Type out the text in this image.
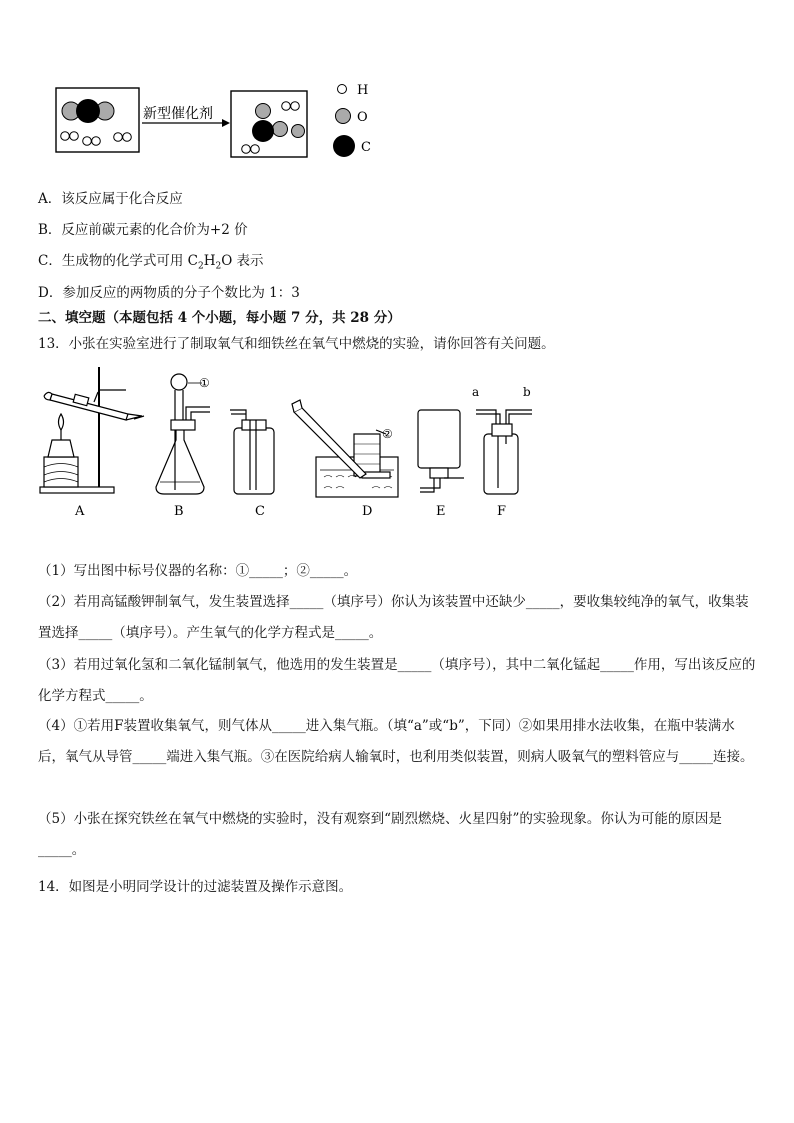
新型催化剂
H
O
C
A．该反应属于化合反应
B．反应前碳元素的化合价为+2 价
C．生成物的化学式可用 $C_2H_2O$ 表示
D．参加反应的两物质的分子个数比为 1：3
二、填空题（本题包括 4 个小题，每小题 7 分，共 28 分）
13．小张在实验室进行了制取氧气和细铁丝在氧气中燃烧的实验，请你回答有关问题。
①
②
a	b
A	B	C	D	E	F
（1）写出图中标号仪器的名称：①_____；②_____。
（2）若用高锰酸钾制氧气，发生装置选择_____（填序号）你认为该装置中还缺少_____，要收集较纯净的氧气，收集装置选择_____（填序号）。产生氧气的化学方程式是_____。
（3）若用过氧化氢和二氧化锰制氧气，他选用的发生装置是_____（填序号），其中二氧化锰起_____作用，写出该反应的化学方程式_____。
（4）①若用F装置收集氧气，则气体从_____进入集气瓶。（填“a”或“b”，下同）②如果用排水法收集，在瓶中装满水后，氧气从导管_____端进入集气瓶。③在医院给病人输氧时，也利用类似装置，则病人吸氧气的塑料管应与_____连接。
（5）小张在探究铁丝在氧气中燃烧的实验时，没有观察到“剧烈燃烧、火星四射”的实验现象。你认为可能的原因是_____。
14．如图是小明同学设计的过滤装置及操作示意图。
